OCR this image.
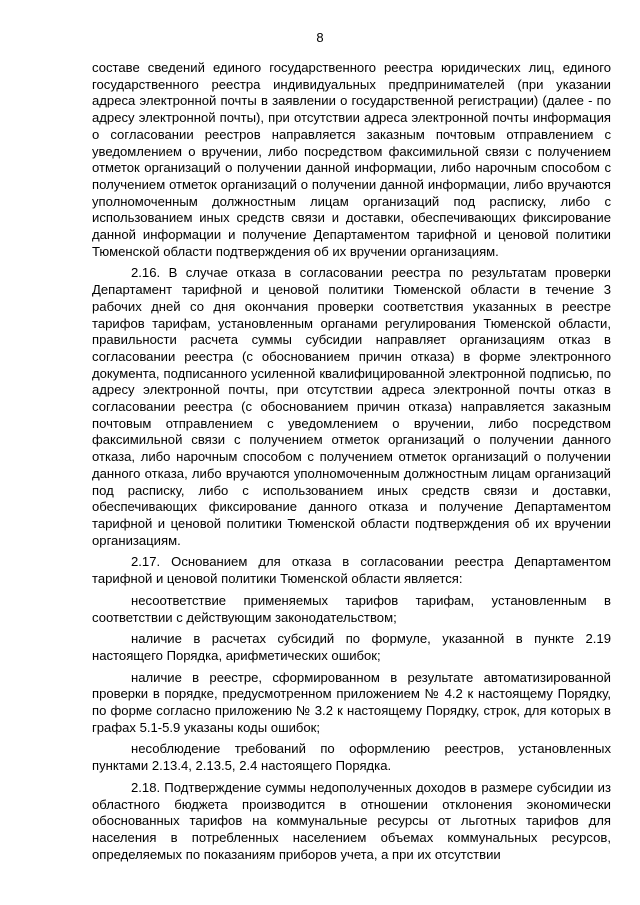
8

составе сведений единого государственного реестра юридических лиц, единого государственного реестра индивидуальных предпринимателей (при указании адреса электронной почты в заявлении о государственной регистрации) (далее - по адресу электронной почты), при отсутствии адреса электронной почты информация о согласовании реестров направляется заказным почтовым отправлением с уведомлением о вручении, либо посредством факсимильной связи с получением отметок организаций о получении данной информации, либо нарочным способом с получением отметок организаций о получении данной информации, либо вручаются уполномоченным должностным лицам организаций под расписку, либо с использованием иных средств связи и доставки, обеспечивающих фиксирование данной информации и получение Департаментом тарифной и ценовой политики Тюменской области подтверждения об их вручении организациям.

2.16. В случае отказа в согласовании реестра по результатам проверки Департамент тарифной и ценовой политики Тюменской области в течение 3 рабочих дней со дня окончания проверки соответствия указанных в реестре тарифов тарифам, установленным органами регулирования Тюменской области, правильности расчета суммы субсидии направляет организациям отказ в согласовании реестра (с обоснованием причин отказа) в форме электронного документа, подписанного усиленной квалифицированной электронной подписью, по адресу электронной почты, при отсутствии адреса электронной почты отказ в согласовании реестра (с обоснованием причин отказа) направляется заказным почтовым отправлением с уведомлением о вручении, либо посредством факсимильной связи с получением отметок организаций о получении данного отказа, либо нарочным способом с получением отметок организаций о получении данного отказа, либо вручаются уполномоченным должностным лицам организаций под расписку, либо с использованием иных средств связи и доставки, обеспечивающих фиксирование данного отказа и получение Департаментом тарифной и ценовой политики Тюменской области подтверждения об их вручении организациям.

2.17. Основанием для отказа в согласовании реестра Департаментом тарифной и ценовой политики Тюменской области является:

несоответствие применяемых тарифов тарифам, установленным в соответствии с действующим законодательством;

наличие в расчетах субсидий по формуле, указанной в пункте 2.19 настоящего Порядка, арифметических ошибок;

наличие в реестре, сформированном в результате автоматизированной проверки в порядке, предусмотренном приложением № 4.2 к настоящему Порядку, по форме согласно приложению № 3.2 к настоящему Порядку, строк, для которых в графах 5.1-5.9 указаны коды ошибок;

несоблюдение требований по оформлению реестров, установленных пунктами 2.13.4, 2.13.5, 2.4 настоящего Порядка.

2.18. Подтверждение суммы недополученных доходов в размере субсидии из областного бюджета производится в отношении отклонения экономически обоснованных тарифов на коммунальные ресурсы от льготных тарифов для населения в потребленных населением объемах коммунальных ресурсов, определяемых по показаниям приборов учета, а при их отсутствии
